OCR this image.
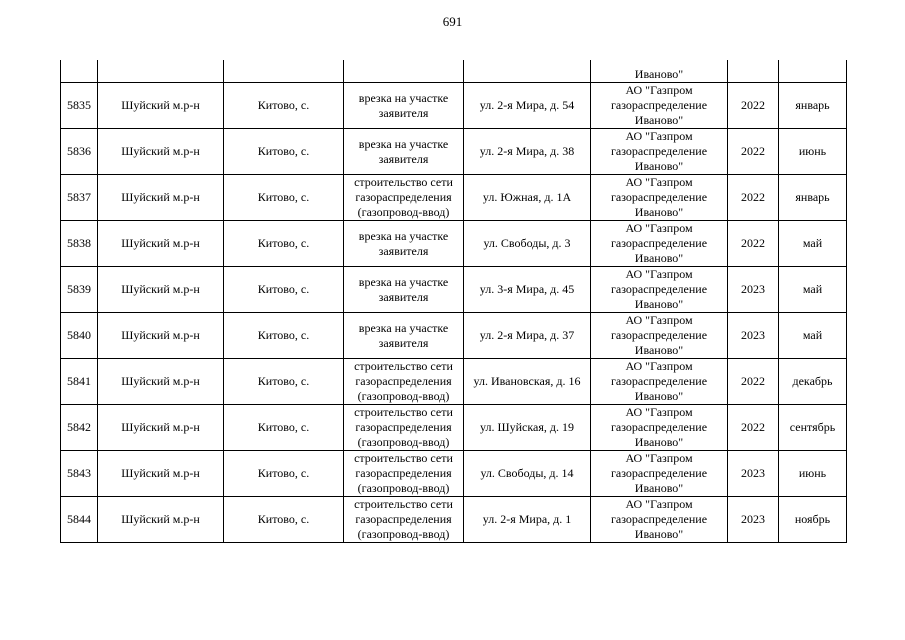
691
					Иваново"		
5835	Шуйский м.р-н	Китово, с.	врезка на участке заявителя	ул. 2-я Мира, д. 54	АО "Газпром газораспределение Иваново"	2022	январь
5836	Шуйский м.р-н	Китово, с.	врезка на участке заявителя	ул. 2-я Мира, д. 38	АО "Газпром газораспределение Иваново"	2022	июнь
5837	Шуйский м.р-н	Китово, с.	строительство сети газораспределения (газопровод-ввод)	ул. Южная, д. 1А	АО "Газпром газораспределение Иваново"	2022	январь
5838	Шуйский м.р-н	Китово, с.	врезка на участке заявителя	ул. Свободы, д. 3	АО "Газпром газораспределение Иваново"	2022	май
5839	Шуйский м.р-н	Китово, с.	врезка на участке заявителя	ул. 3-я Мира, д. 45	АО "Газпром газораспределение Иваново"	2023	май
5840	Шуйский м.р-н	Китово, с.	врезка на участке заявителя	ул. 2-я Мира, д. 37	АО "Газпром газораспределение Иваново"	2023	май
5841	Шуйский м.р-н	Китово, с.	строительство сети газораспределения (газопровод-ввод)	ул. Ивановская, д. 16	АО "Газпром газораспределение Иваново"	2022	декабрь
5842	Шуйский м.р-н	Китово, с.	строительство сети газораспределения (газопровод-ввод)	ул. Шуйская, д. 19	АО "Газпром газораспределение Иваново"	2022	сентябрь
5843	Шуйский м.р-н	Китово, с.	строительство сети газораспределения (газопровод-ввод)	ул. Свободы, д. 14	АО "Газпром газораспределение Иваново"	2023	июнь
5844	Шуйский м.р-н	Китово, с.	строительство сети газораспределения (газопровод-ввод)	ул. 2-я Мира, д. 1	АО "Газпром газораспределение Иваново"	2023	ноябрь
